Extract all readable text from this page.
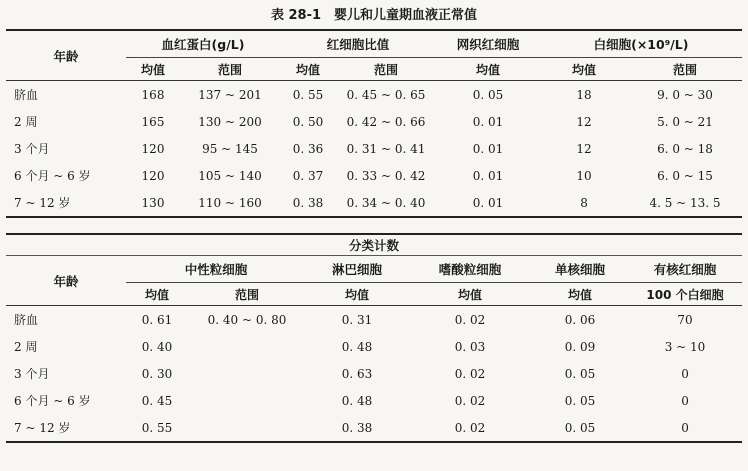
表 28-1　婴儿和儿童期血液正常值
年龄	血红蛋白(g/L)		红细胞比值		网织红细胞	白细胞(×10⁹/L)	
	均值	范围	均值	范围	均值	均值	范围
脐血	168	137 ~ 201	0. 55	0. 45 ~ 0. 65	0. 05	18	9. 0 ~ 30
2 周	165	130 ~ 200	0. 50	0. 42 ~ 0. 66	0. 01	12	5. 0 ~ 21
3 个月	120	95 ~ 145	0. 36	0. 31 ~ 0. 41	0. 01	12	6. 0 ~ 18
6 个月 ~ 6 岁	120	105 ~ 140	0. 37	0. 33 ~ 0. 42	0. 01	10	6. 0 ~ 15
7 ~ 12 岁	130	110 ~ 160	0. 38	0. 34 ~ 0. 40	0. 01	8	4. 5 ~ 13. 5
分类计数						
年龄	中性粒细胞		淋巴细胞	嗜酸粒细胞	单核细胞	有核红细胞
	均值	范围	均值	均值	均值	100 个白细胞
脐血	0. 61	0. 40 ~ 0. 80	0. 31	0. 02	0. 06	70
2 周	0. 40		0. 48	0. 03	0. 09	3 ~ 10
3 个月	0. 30		0. 63	0. 02	0. 05	0
6 个月 ~ 6 岁	0. 45		0. 48	0. 02	0. 05	0
7 ~ 12 岁	0. 55		0. 38	0. 02	0. 05	0
